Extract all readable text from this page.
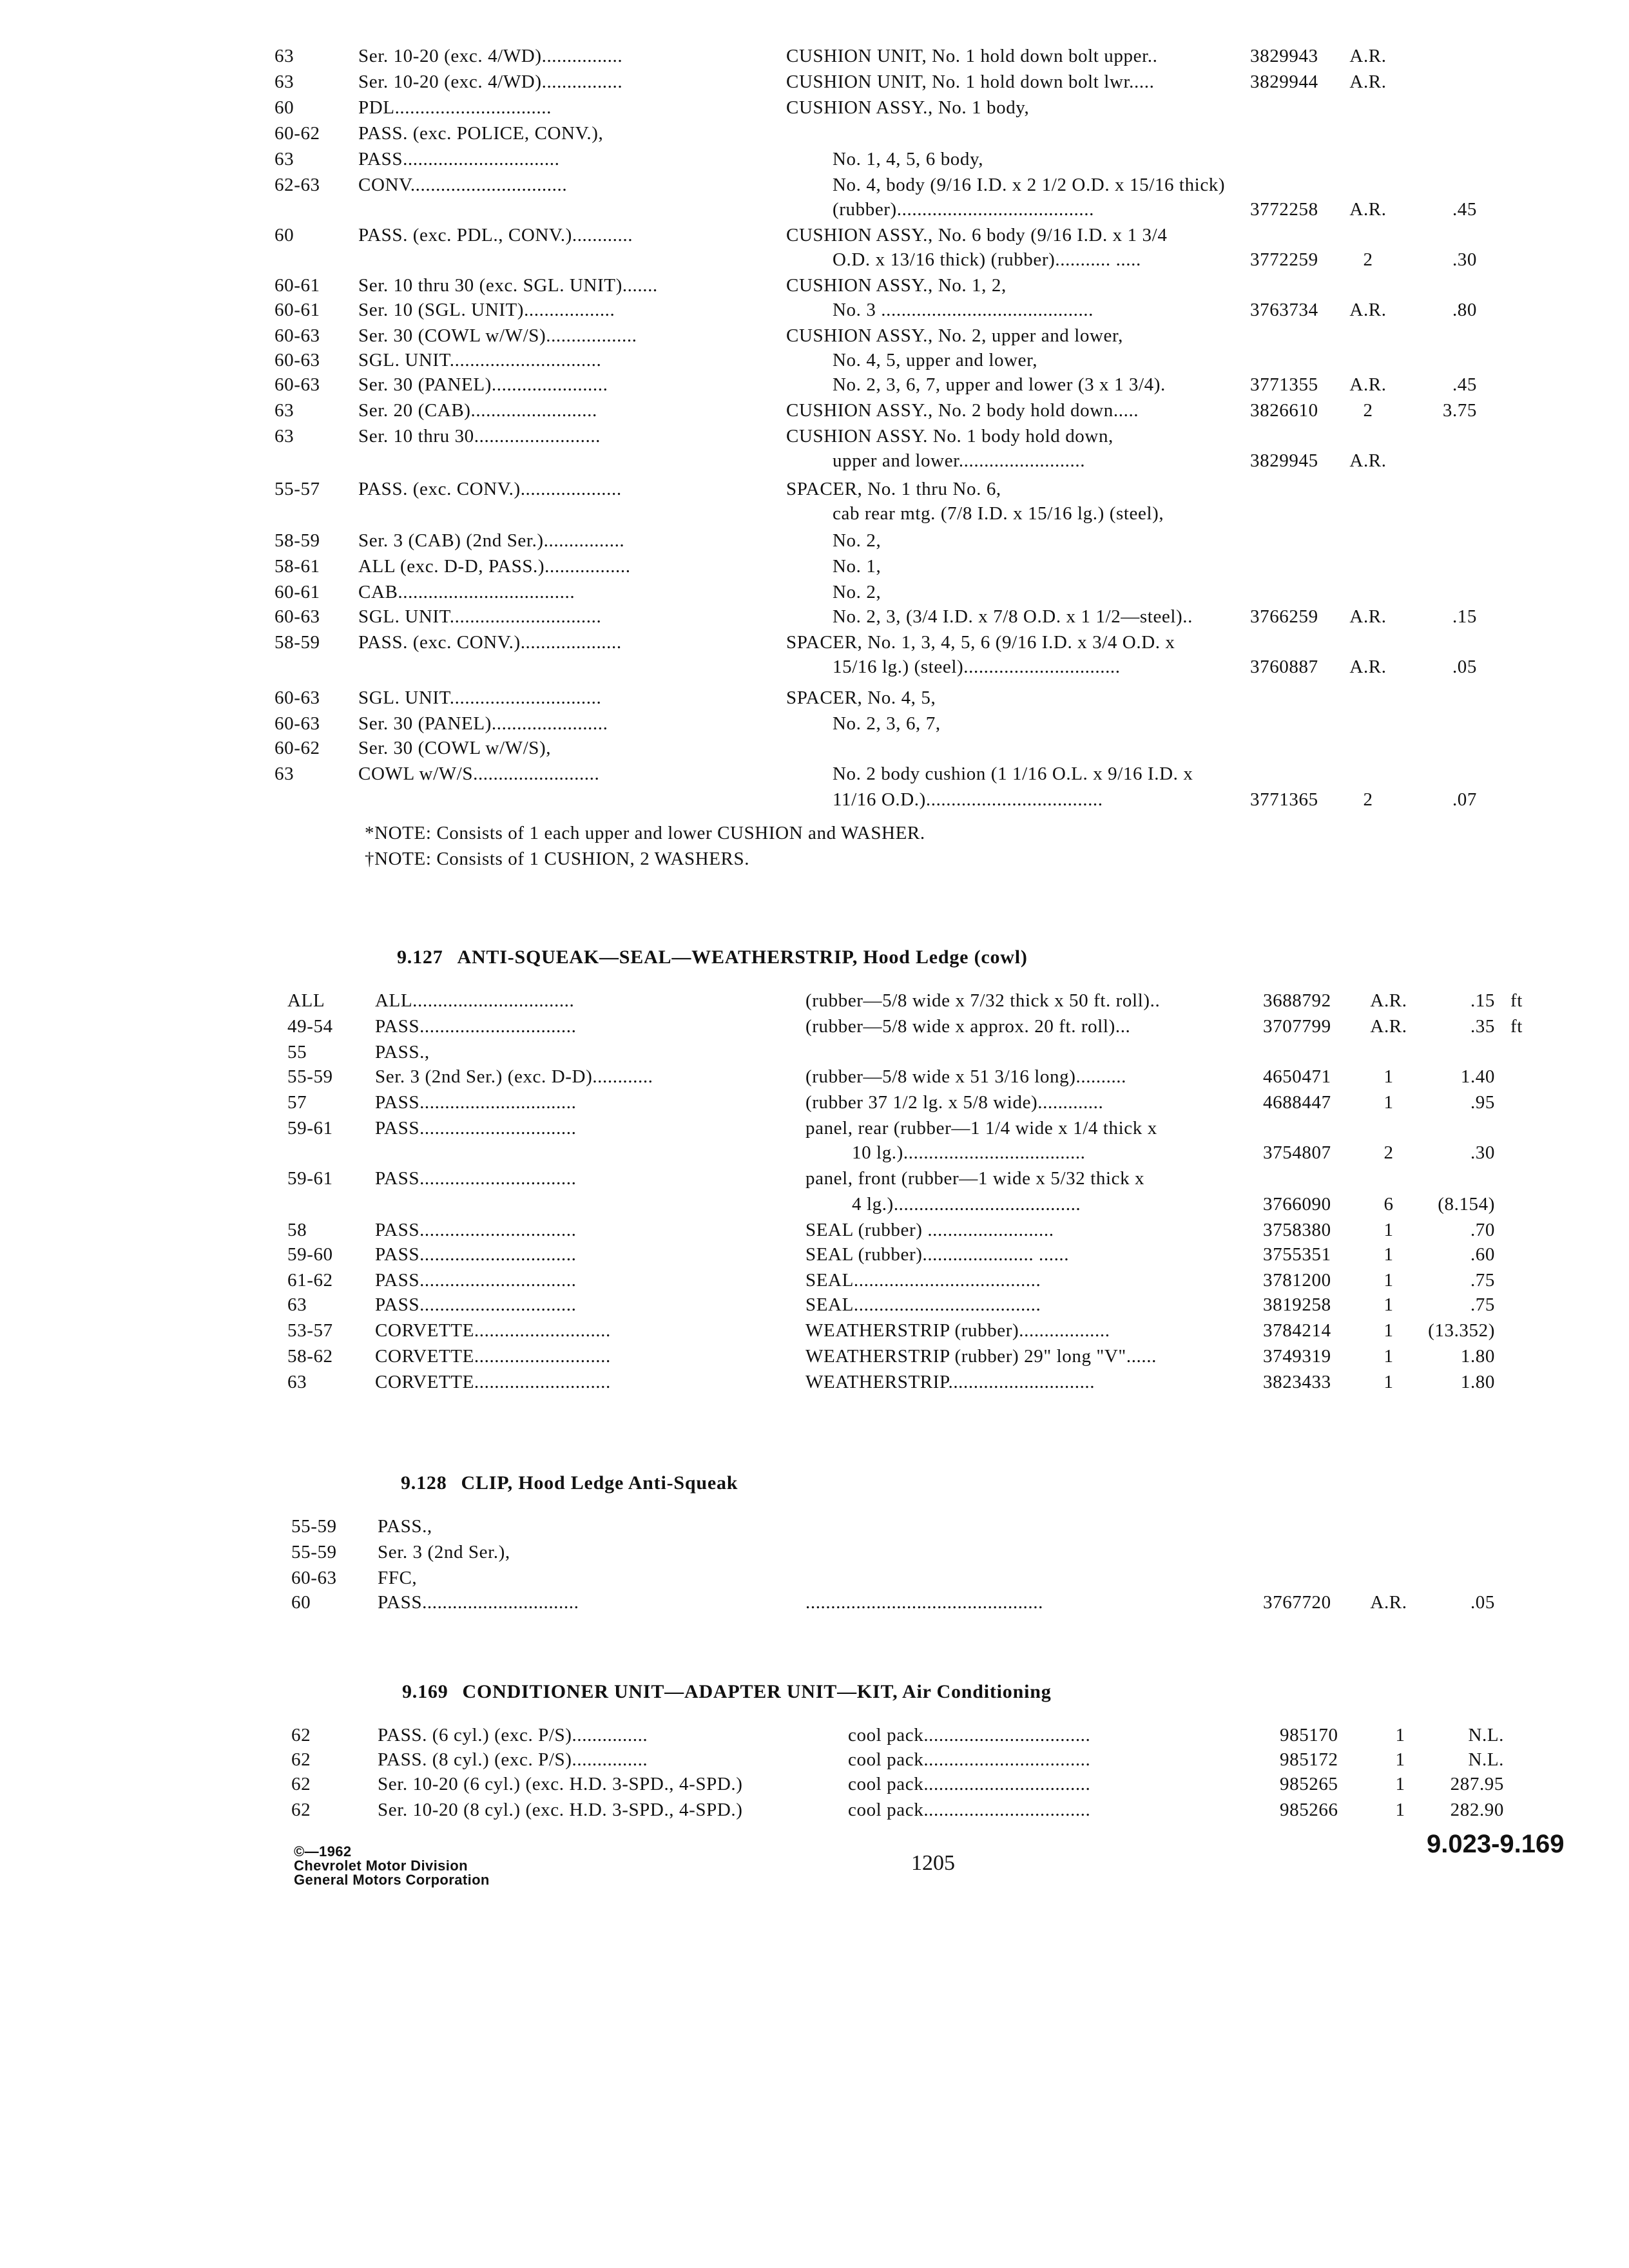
63	Ser. 10-20 (exc. 4/WD)................	CUSHION UNIT, No. 1 hold down bolt upper..	3829943	A.R.
63	Ser. 10-20 (exc. 4/WD)................	CUSHION UNIT, No. 1 hold down bolt lwr.....	3829944	A.R.
60	PDL...............................	CUSHION ASSY., No. 1 body,
60-62	PASS. (exc. POLICE, CONV.),
63	PASS...............................	No. 1, 4, 5, 6 body,
62-63	CONV...............................	No. 4, body (9/16 I.D. x 2 1/2 O.D. x 15/16 thick)
(rubber).......................................	3772258	A.R.	.45
60	PASS. (exc. PDL., CONV.)............	CUSHION ASSY., No. 6 body (9/16 I.D. x 1 3/4
O.D. x 13/16 thick) (rubber)........... .....	3772259	2	.30
60-61	Ser. 10 thru 30 (exc. SGL. UNIT).......	CUSHION ASSY., No. 1, 2,
60-61	Ser. 10 (SGL. UNIT)..................	No. 3 ..........................................	3763734	A.R.	.80
60-63	Ser. 30 (COWL w/W/S)..................	CUSHION ASSY., No. 2, upper and lower,
60-63	SGL. UNIT..............................	No. 4, 5, upper and lower,
60-63	Ser. 30 (PANEL).......................	No. 2, 3, 6, 7, upper and lower (3 x 1 3/4).	3771355	A.R.	.45
63	Ser. 20 (CAB).........................	CUSHION ASSY., No. 2 body hold down.....	3826610	2	3.75
63	Ser. 10 thru 30.........................	CUSHION ASSY. No. 1 body hold down,
upper and lower.........................	3829945	A.R.
55-57	PASS. (exc. CONV.)....................	SPACER, No. 1 thru No. 6,
cab rear mtg. (7/8 I.D. x 15/16 lg.) (steel),
58-59	Ser. 3 (CAB) (2nd Ser.)................	No. 2,
58-61	ALL (exc. D-D, PASS.).................	No. 1,
60-61	CAB...................................	No. 2,
60-63	SGL. UNIT..............................	No. 2, 3, (3/4 I.D. x 7/8 O.D. x 1 1/2—steel)..	3766259	A.R.	.15
58-59	PASS. (exc. CONV.)....................	SPACER, No. 1, 3, 4, 5, 6 (9/16 I.D. x 3/4 O.D. x
15/16 lg.) (steel)...............................	3760887	A.R.	.05
60-63	SGL. UNIT..............................	SPACER, No. 4, 5,
60-63	Ser. 30 (PANEL).......................	No. 2, 3, 6, 7,
60-62	Ser. 30 (COWL w/W/S),
63	COWL w/W/S.........................	No. 2 body cushion (1 1/16 O.L. x 9/16 I.D. x
11/16 O.D.)...................................	3771365	2	.07
*NOTE: Consists of 1 each upper and lower CUSHION and WASHER.
†NOTE: Consists of 1 CUSHION, 2 WASHERS.
9.127 ANTI-SQUEAK—SEAL—WEATHERSTRIP, Hood Ledge (cowl)
ALL	ALL................................	(rubber—5/8 wide x 7/32 thick x 50 ft. roll)..	3688792	A.R.	.15 ft
49-54	PASS...............................	(rubber—5/8 wide x approx. 20 ft. roll)...	3707799	A.R.	.35 ft
55	PASS.,
55-59	Ser. 3 (2nd Ser.) (exc. D-D)............	(rubber—5/8 wide x 51 3/16 long)..........	4650471	1	1.40
57	PASS...............................	(rubber 37 1/2 lg. x 5/8 wide).............	4688447	1	.95
59-61	PASS...............................	panel, rear (rubber—1 1/4 wide x 1/4 thick x
10 lg.)....................................	3754807	2	.30
59-61	PASS...............................	panel, front (rubber—1 wide x 5/32 thick x
4 lg.).....................................	3766090	6	(8.154)
58	PASS...............................	SEAL (rubber) .........................	3758380	1	.70
59-60	PASS...............................	SEAL (rubber)...................... ......	3755351	1	.60
61-62	PASS...............................	SEAL.....................................	3781200	1	.75
63	PASS...............................	SEAL.....................................	3819258	1	.75
53-57	CORVETTE...........................	WEATHERSTRIP (rubber)..................	3784214	1	(13.352)
58-62	CORVETTE...........................	WEATHERSTRIP (rubber) 29" long "V"......	3749319	1	1.80
63	CORVETTE...........................	WEATHERSTRIP.............................	3823433	1	1.80
9.128 CLIP, Hood Ledge Anti-Squeak
55-59	PASS.,
55-59	Ser. 3 (2nd Ser.),
60-63	FFC,
60	PASS...............................	...............................................	3767720	A.R.	.05
9.169 CONDITIONER UNIT—ADAPTER UNIT—KIT, Air Conditioning
62	PASS. (6 cyl.) (exc. P/S)...............	cool pack.................................	985170	1	N.L.
62	PASS. (8 cyl.) (exc. P/S)...............	cool pack.................................	985172	1	N.L.
62	Ser. 10-20 (6 cyl.) (exc. H.D. 3-SPD., 4-SPD.)	cool pack.................................	985265	1	287.95
62	Ser. 10-20 (8 cyl.) (exc. H.D. 3-SPD., 4-SPD.)	cool pack.................................	985266	1	282.90
©—1962
Chevrolet Motor Division
General Motors Corporation
1205
9.023-9.169
